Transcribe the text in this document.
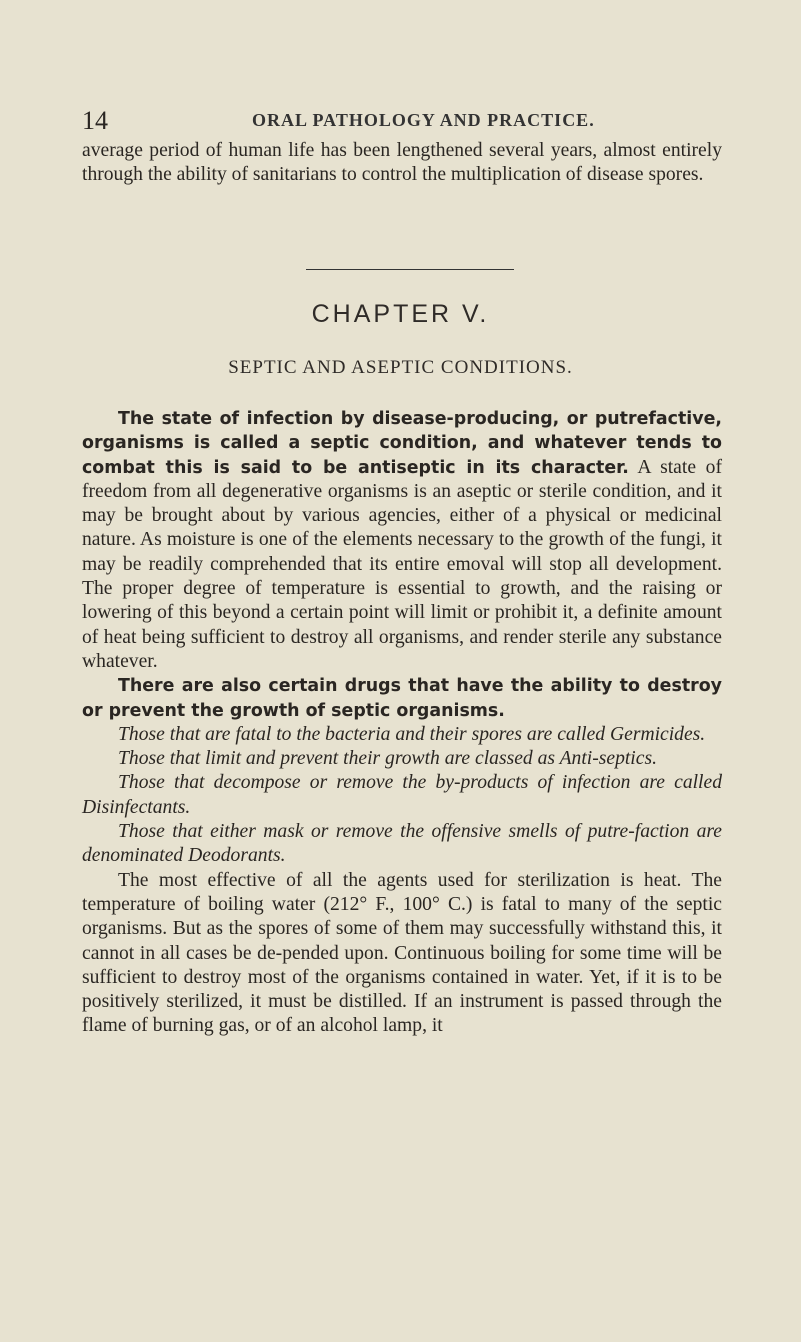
14	ORAL PATHOLOGY AND PRACTICE.

average period of human life has been lengthened several years, almost entirely through the ability of sanitarians to control the multiplication of disease spores.

CHAPTER V.
SEPTIC AND ASEPTIC CONDITIONS.

The state of infection by disease-producing, or putrefactive, organisms is called a septic condition, and whatever tends to combat this is said to be antiseptic in its character. A state of freedom from all degenerative organisms is an aseptic or sterile condition, and it may be brought about by various agencies, either of a physical or medicinal nature. As moisture is one of the elements necessary to the growth of the fungi, it may be readily comprehended that its entire emoval will stop all development. The proper degree of temperature is essential to growth, and the raising or lowering of this beyond a certain point will limit or prohibit it, a definite amount of heat being sufficient to destroy all organisms, and render sterile any substance whatever.

There are also certain drugs that have the ability to destroy or prevent the growth of septic organisms.

Those that are fatal to the bacteria and their spores are called Germicides.

Those that limit and prevent their growth are classed as Anti-septics.

Those that decompose or remove the by-products of infection are called Disinfectants.

Those that either mask or remove the offensive smells of putre-faction are denominated Deodorants.

The most effective of all the agents used for sterilization is heat. The temperature of boiling water (212° F., 100° C.) is fatal to many of the septic organisms. But as the spores of some of them may successfully withstand this, it cannot in all cases be de-pended upon. Continuous boiling for some time will be sufficient to destroy most of the organisms contained in water. Yet, if it is to be positively sterilized, it must be distilled. If an instrument is passed through the flame of burning gas, or of an alcohol lamp, it
